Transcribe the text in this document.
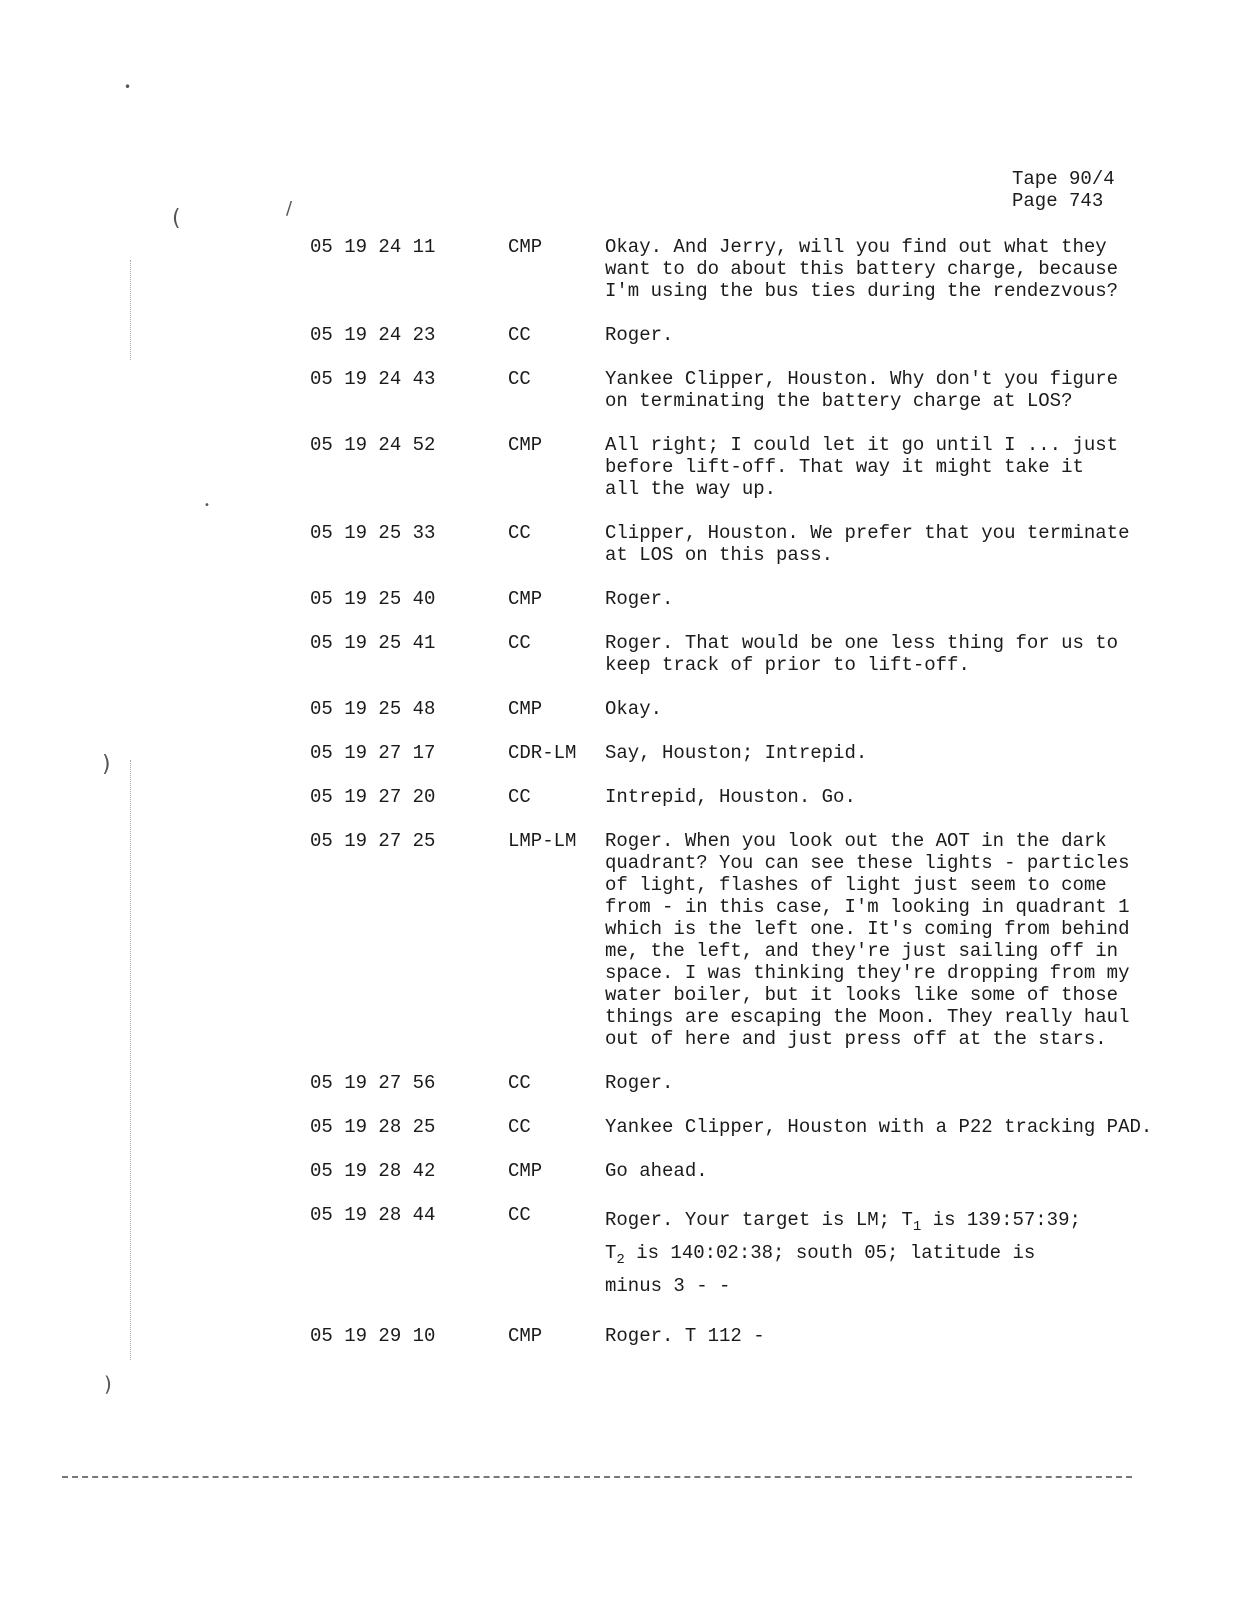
(	/
)
)
•
•
Tape 90/4
Page 743
05 19 24 11	CMP	Okay. And Jerry, will you find out what they
want to do about this battery charge, because
I'm using the bus ties during the rendezvous?
05 19 24 23	CC	Roger.
05 19 24 43	CC	Yankee Clipper, Houston. Why don't you figure
on terminating the battery charge at LOS?
05 19 24 52	CMP	All right; I could let it go until I ... just
before lift-off. That way it might take it
all the way up.
05 19 25 33	CC	Clipper, Houston. We prefer that you terminate
at LOS on this pass.
05 19 25 40	CMP	Roger.
05 19 25 41	CC	Roger. That would be one less thing for us to
keep track of prior to lift-off.
05 19 25 48	CMP	Okay.
05 19 27 17	CDR-LM	Say, Houston; Intrepid.
05 19 27 20	CC	Intrepid, Houston. Go.
05 19 27 25	LMP-LM	Roger. When you look out the AOT in the dark
quadrant? You can see these lights - particles
of light, flashes of light just seem to come
from - in this case, I'm looking in quadrant 1
which is the left one. It's coming from behind
me, the left, and they're just sailing off in
space. I was thinking they're dropping from my
water boiler, but it looks like some of those
things are escaping the Moon. They really haul
out of here and just press off at the stars.
05 19 27 56	CC	Roger.
05 19 28 25	CC	Yankee Clipper, Houston with a P22 tracking PAD.
05 19 28 42	CMP	Go ahead.
05 19 28 44	CC	Roger. Your target is LM; $T_1$ is 139:57:39;
$T_2$ is 140:02:38; south 05; latitude is
minus 3 - -
05 19 29 10	CMP	Roger. T 112 -
